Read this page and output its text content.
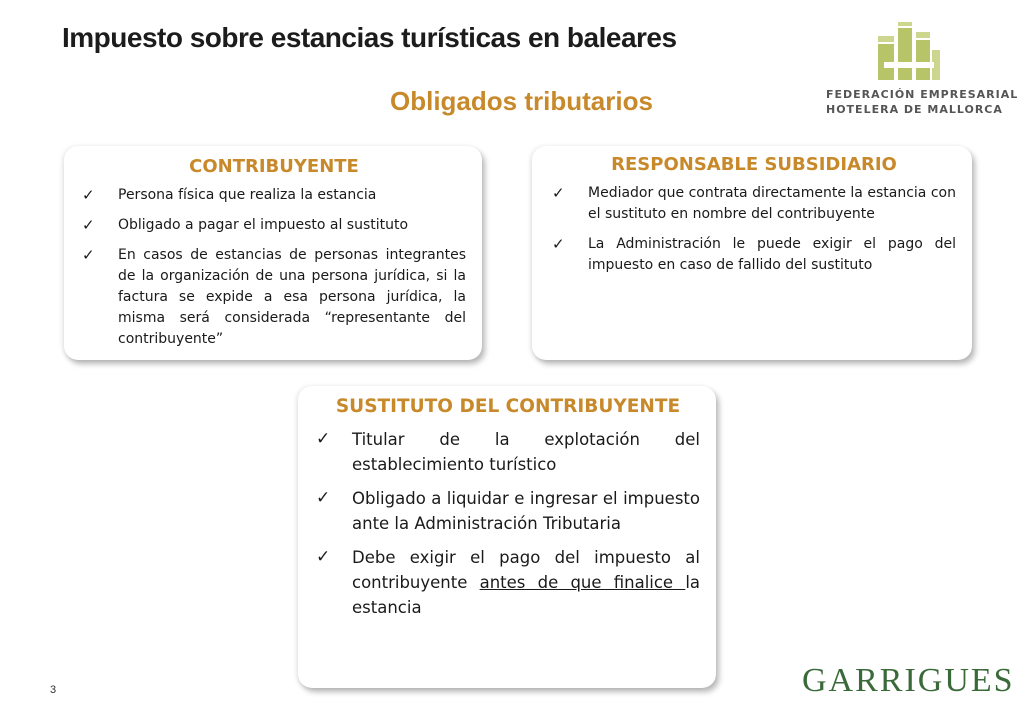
Impuesto sobre estancias turísticas en baleares
Obligados tributarios	FEDERACIÓN EMPRESARIAL
HOTELERA DE MALLORCA
CONTRIBUYENTE
✓ Persona física que realiza la estancia
✓ Obligado a pagar el impuesto al sustituto
✓ En casos de estancias de personas integrantes de la organización de una persona jurídica, si la factura se expide a esa persona jurídica, la misma será considerada “representante del contribuyente”
RESPONSABLE SUBSIDIARIO
✓ Mediador que contrata directamente la estancia con el sustituto en nombre del contribuyente
✓ La Administración le puede exigir el pago del impuesto en caso de fallido del sustituto
SUSTITUTO DEL CONTRIBUYENTE
✓ Titular de la explotación del establecimiento turístico
✓ Obligado a liquidar e ingresar el impuesto ante la Administración Tributaria
✓ Debe exigir el pago del impuesto al contribuyente antes de que finalice la estancia
3	GARRIGUES
